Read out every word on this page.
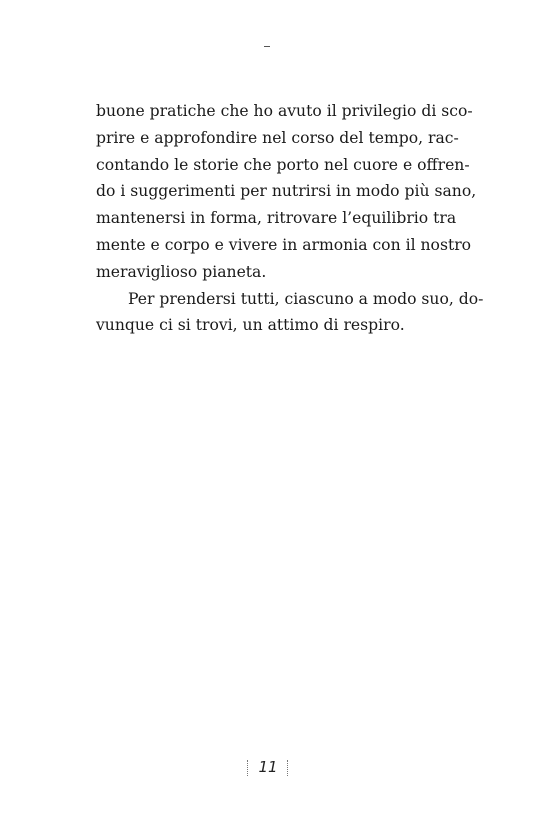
buone pratiche che ho avuto il privilegio di sco-
prire e approfondire nel corso del tempo, rac-
contando le storie che porto nel cuore e offren-
do i suggerimenti per nutrirsi in modo più sano,
mantenersi in forma, ritrovare l’equilibrio tra
mente e corpo e vivere in armonia con il nostro
meraviglioso pianeta.
Per prendersi tutti, ciascuno a modo suo, do-
vunque ci si trovi, un attimo di respiro.
11
